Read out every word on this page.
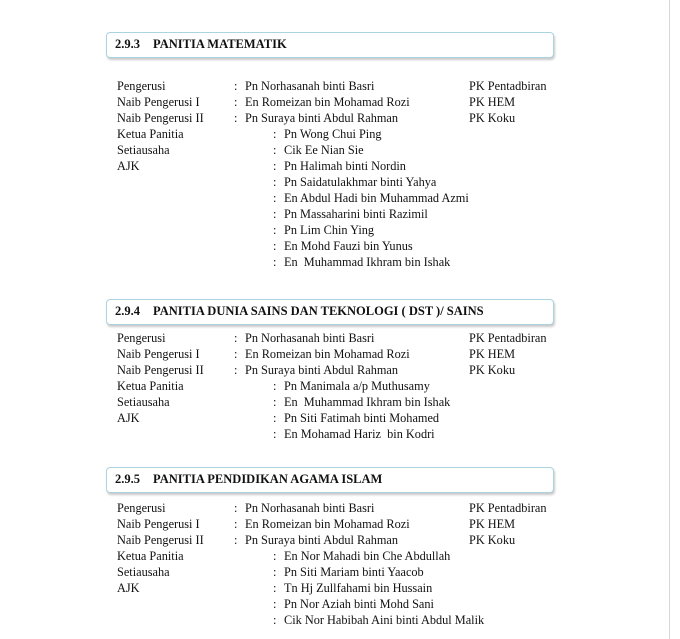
2.9.3 PANITIA MATEMATIK
Pengerusi	: Pn Norhasanah binti Basri	PK Pentadbiran
Naib Pengerusi I	: En Romeizan bin Mohamad Rozi	PK HEM
Naib Pengerusi II : Pn Suraya binti Abdul Rahman	PK Koku
Ketua Panitia	: Pn Wong Chui Ping
Setiausaha	: Cik Ee Nian Sie
AJK	: Pn Halimah binti Nordin
: Pn Saidatulakhmar binti Yahya
: En Abdul Hadi bin Muhammad Azmi
: Pn Massaharini binti Razimil
: Pn Lim Chin Ying
: En Mohd Fauzi bin Yunus
: En  Muhammad Ikhram bin Ishak
2.9.4 PANITIA DUNIA SAINS DAN TEKNOLOGI ( DST )/ SAINS
Pengerusi	: Pn Norhasanah binti Basri	PK Pentadbiran
Naib Pengerusi I	: En Romeizan bin Mohamad Rozi	PK HEM
Naib Pengerusi II : Pn Suraya binti Abdul Rahman	PK Koku
Ketua Panitia	: Pn Manimala a/p Muthusamy
Setiausaha	: En  Muhammad Ikhram bin Ishak
AJK	: Pn Siti Fatimah binti Mohamed
: En Mohamad Hariz  bin Kodri
2.9.5 PANITIA PENDIDIKAN AGAMA ISLAM
Pengerusi	: Pn Norhasanah binti Basri	PK Pentadbiran
Naib Pengerusi I	: En Romeizan bin Mohamad Rozi	PK HEM
Naib Pengerusi II : Pn Suraya binti Abdul Rahman	PK Koku
Ketua Panitia	: En Nor Mahadi bin Che Abdullah
Setiausaha	: Pn Siti Mariam binti Yaacob
AJK	: Tn Hj Zullfahami bin Hussain
: Pn Nor Aziah binti Mohd Sani
: Cik Nor Habibah Aini binti Abdul Malik
